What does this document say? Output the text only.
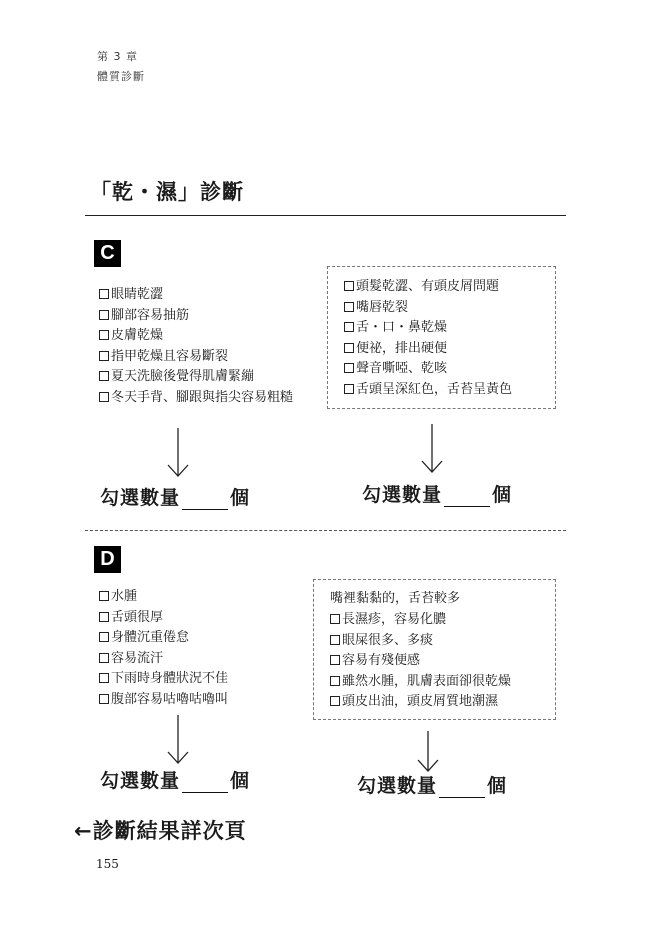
第 3 章
體質診斷
「乾・濕」診斷
C
眼睛乾澀
腳部容易抽筋
皮膚乾燥
指甲乾燥且容易斷裂
夏天洗臉後覺得肌膚緊繃
冬天手背、腳跟與指尖容易粗糙
頭髮乾澀、有頭皮屑問題
嘴唇乾裂
舌・口・鼻乾燥
便祕，排出硬便
聲音嘶啞、乾咳
舌頭呈深紅色，舌苔呈黃色
勾選數量	個	勾選數量	個
D
水腫
舌頭很厚
身體沉重倦怠
容易流汗
下雨時身體狀況不佳
腹部容易咕嚕咕嚕叫
嘴裡黏黏的，舌苔較多
長濕疹，容易化膿
眼屎很多、多痰
容易有殘便感
雖然水腫，肌膚表面卻很乾燥
頭皮出油，頭皮屑質地潮濕
勾選數量	個	勾選數量	個
←診斷結果詳次頁
155
